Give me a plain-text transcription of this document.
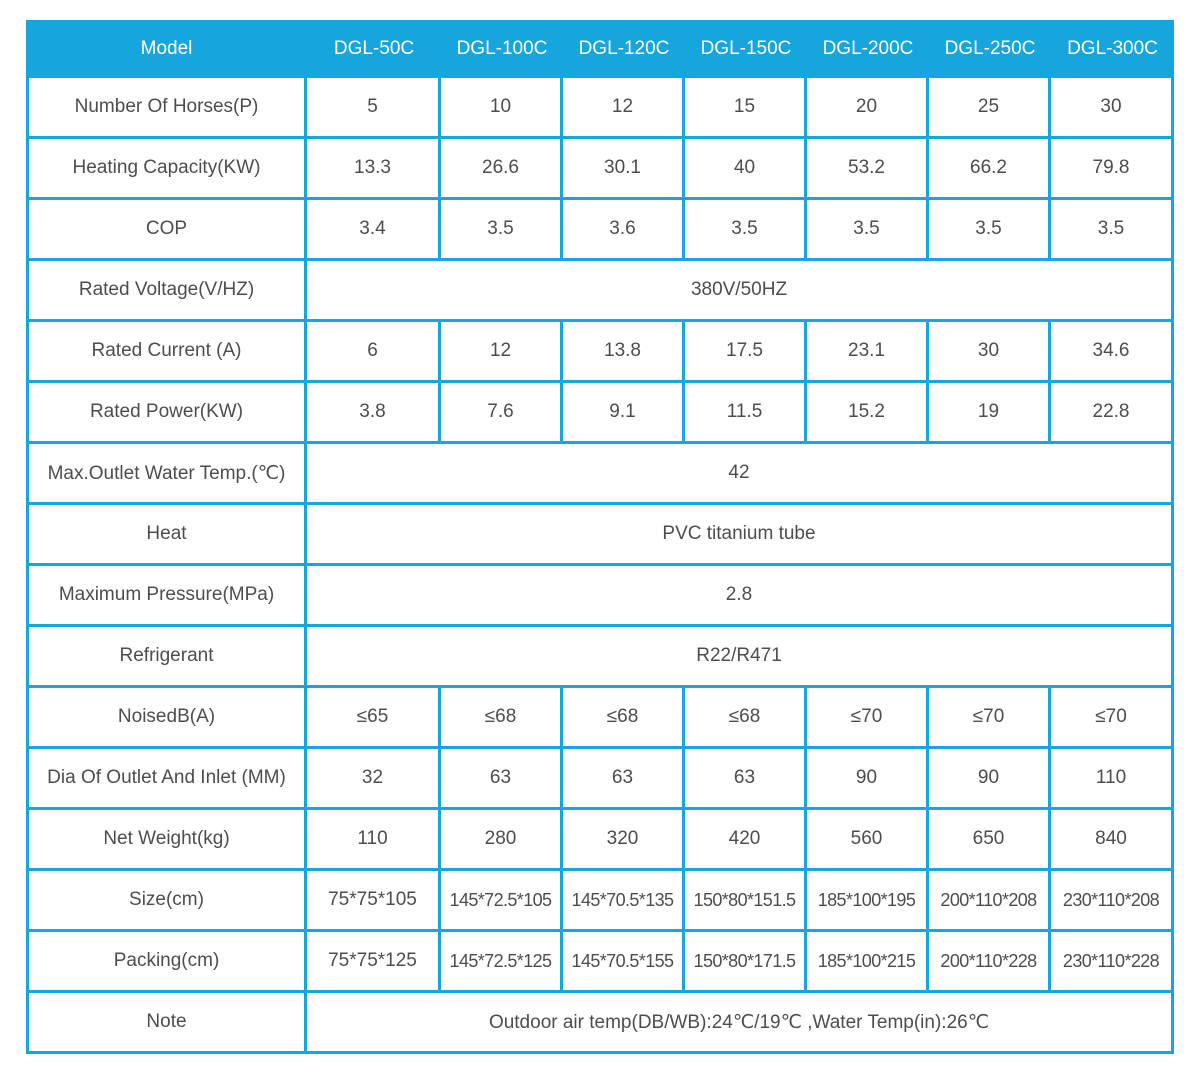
Model	DGL-50C	DGL-100C	DGL-120C	DGL-150C	DGL-200C	DGL-250C	DGL-300C
Number Of Horses(P)	5	10	12	15	20	25	30
Heating Capacity(KW)	13.3	26.6	30.1	40	53.2	66.2	79.8
COP	3.4	3.5	3.6	3.5	3.5	3.5	3.5
Rated Voltage(V/HZ)	380V/50HZ						
Rated Current (A)	6	12	13.8	17.5	23.1	30	34.6
Rated Power(KW)	3.8	7.6	9.1	11.5	15.2	19	22.8
Max.Outlet Water Temp.(℃)	42						
Heat	PVC titanium tube						
Maximum Pressure(MPa)	2.8						
Refrigerant	R22/R471						
NoisedB(A)	≤65	≤68	≤68	≤68	≤70	≤70	≤70
Dia Of Outlet And Inlet (MM)	32	63	63	63	90	90	110
Net Weight(kg)	110	280	320	420	560	650	840
Size(cm)	75*75*105	145*72.5*105	145*70.5*135	150*80*151.5	185*100*195	200*110*208	230*110*208
Packing(cm)	75*75*125	145*72.5*125	145*70.5*155	150*80*171.5	185*100*215	200*110*228	230*110*228
Note	Outdoor air temp(DB/WB):24℃/19℃ ,Water Temp(in):26℃						
